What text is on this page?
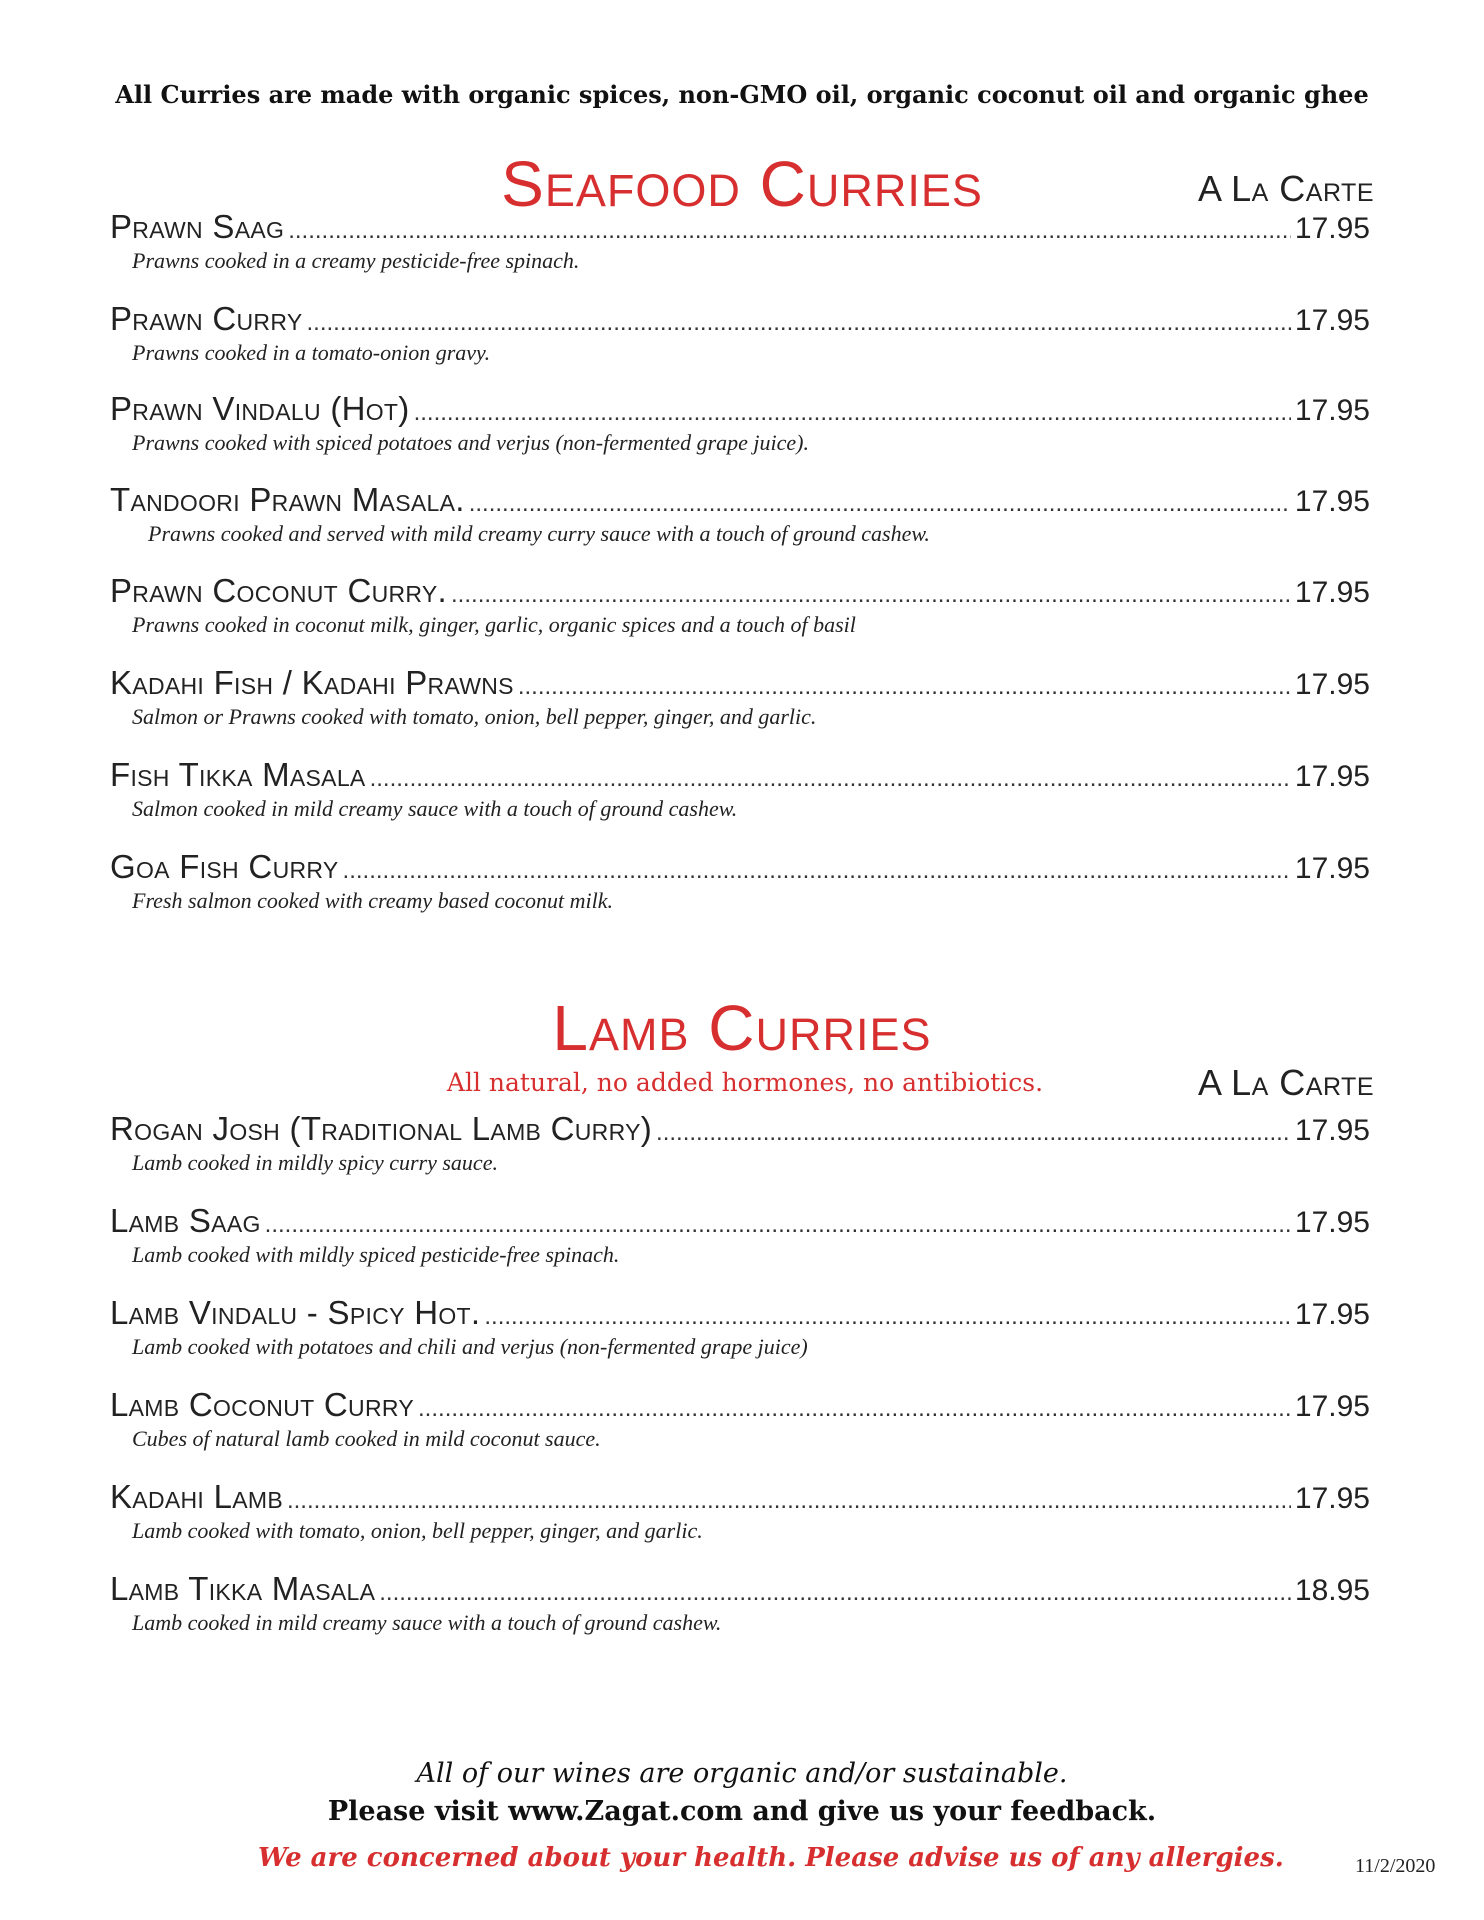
All Curries are made with organic spices, non-GMO oil, organic coconut oil and organic ghee
Seafood Curries	A La Carte
Prawn Saag .....	17.95
Prawns cooked in a creamy pesticide-free spinach.
Prawn Curry .....	17.95
Prawns cooked in a tomato-onion gravy.
Prawn Vindalu (Hot) .....	17.95
Prawns cooked with spiced potatoes and verjus (non-fermented grape juice).
Tandoori Prawn Masala. .....	17.95
Prawns cooked and served with mild creamy curry sauce with a touch of ground cashew.
Prawn Coconut Curry. .....	17.95
Prawns cooked in coconut milk, ginger, garlic, organic spices and a touch of basil
Kadahi Fish / Kadahi Prawns .....	17.95
Salmon or Prawns cooked with tomato, onion, bell pepper, ginger, and garlic.
Fish Tikka Masala .....	17.95
Salmon cooked in mild creamy sauce with a touch of ground cashew.
Goa Fish Curry .....	17.95
Fresh salmon cooked with creamy based coconut milk.
Lamb Curries
All natural, no added hormones, no antibiotics.	A La Carte
Rogan Josh (Traditional Lamb Curry) .....	17.95
Lamb cooked in mildly spicy curry sauce.
Lamb Saag .....	17.95
Lamb cooked with mildly spiced pesticide-free spinach.
Lamb Vindalu - Spicy Hot. .....	17.95
Lamb cooked with potatoes and chili and verjus (non-fermented grape juice)
Lamb Coconut Curry .....	17.95
Cubes of natural lamb cooked in mild coconut sauce.
Kadahi Lamb .....	17.95
Lamb cooked with tomato, onion, bell pepper, ginger, and garlic.
Lamb Tikka Masala .....	18.95
Lamb cooked in mild creamy sauce with a touch of ground cashew.
All of our wines are organic and/or sustainable.
Please visit www.Zagat.com and give us your feedback.
We are concerned about your health. Please advise us of any allergies.	11/2/2020
